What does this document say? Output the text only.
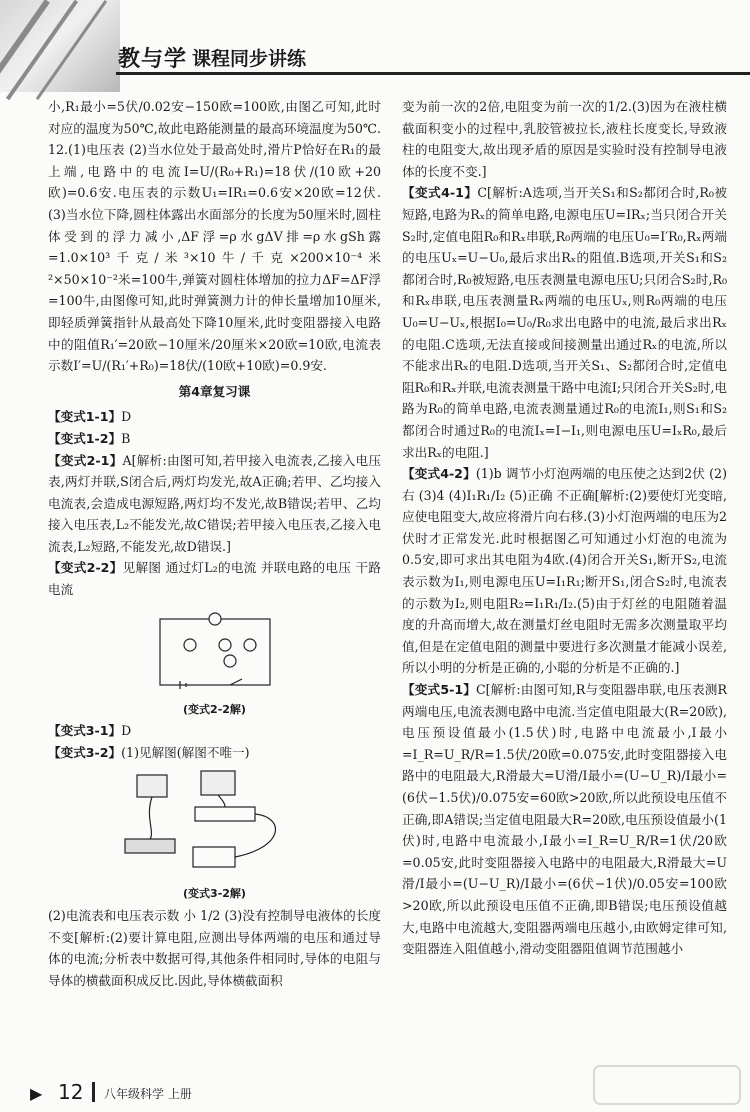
教与学 课程同步讲练

小,R₁最小=5伏/0.02安−150欧=100欧,由图乙可知,此时对应的温度为50℃,故此电路能测量的最高环境温度为50℃. 12.(1)电压表 (2)当水位处于最高处时,滑片P恰好在R₁的最上端,电路中的电流I=U/(R₀+R₁)=18伏/(10欧+20欧)=0.6安.电压表的示数U₁=IR₁=0.6安×20欧=12伏. (3)当水位下降,圆柱体露出水面部分的长度为50厘米时,圆柱体受到的浮力减小,ΔF浮=ρ水gΔV排=ρ水gSh露=1.0×10³千克/米³×10牛/千克×200×10⁻⁴米²×50×10⁻²米=100牛,弹簧对圆柱体增加的拉力ΔF=ΔF浮=100牛,由图像可知,此时弹簧测力计的伸长量增加10厘米,即轻质弹簧指针从最高处下降10厘米,此时变阻器接入电路中的阻值R₁′=20欧−10厘米/20厘米×20欧=10欧,电流表示数I′=U/(R₁′+R₀)=18伏/(10欧+10欧)=0.9安.

第4章复习课

【变式1-1】D

【变式1-2】B

【变式2-1】A[解析:由图可知,若甲接入电流表,乙接入电压表,两灯并联,S闭合后,两灯均发光,故A正确;若甲、乙均接入电流表,会造成电源短路,两灯均不发光,故B错误;若甲、乙均接入电压表,L₂不能发光,故C错误;若甲接入电压表,乙接入电流表,L₂短路,不能发光,故D错误.]

【变式2-2】见解图 通过灯L₂的电流 并联电路的电压 干路电流

(变式2-2解)

【变式3-1】D

【变式3-2】(1)见解图(解图不唯一)

(变式3-2解)

(2)电流表和电压表示数 小 1/2 (3)没有控制导电液体的长度不变[解析:(2)要计算电阻,应测出导体两端的电压和通过导体的电流;分析表中数据可得,其他条件相同时,导体的电阻与导体的横截面积成反比.因此,导体横截面积

变为前一次的2倍,电阻变为前一次的1/2.(3)因为在液柱横截面积变小的过程中,乳胶管被拉长,液柱长度变长,导致液柱的电阻变大,故出现矛盾的原因是实验时没有控制导电液体的长度不变.]

【变式4-1】C[解析:A选项,当开关S₁和S₂都闭合时,R₀被短路,电路为Rₓ的简单电路,电源电压U=IRₓ;当只闭合开关S₂时,定值电阻R₀和Rₓ串联,R₀两端的电压U₀=I′R₀,Rₓ两端的电压Uₓ=U−U₀,最后求出Rₓ的阻值.B选项,开关S₁和S₂都闭合时,R₀被短路,电压表测量电源电压U;只闭合S₂时,R₀和Rₓ串联,电压表测量Rₓ两端的电压Uₓ,则R₀两端的电压U₀=U−Uₓ,根据I₀=U₀/R₀求出电路中的电流,最后求出Rₓ的电阻.C选项,无法直接或间接测量出通过Rₓ的电流,所以不能求出Rₓ的电阻.D选项,当开关S₁、S₂都闭合时,定值电阻R₀和Rₓ并联,电流表测量干路中电流I;只闭合开关S₂时,电路为R₀的简单电路,电流表测量通过R₀的电流I₁,则S₁和S₂都闭合时通过R₀的电流Iₓ=I−I₁,则电源电压U=IₓR₀,最后求出Rₓ的电阻.]

【变式4-2】(1)b 调节小灯泡两端的电压使之达到2伏 (2)右 (3)4 (4)I₁R₁/I₂ (5)正确 不正确[解析:(2)要使灯光变暗,应使电阻变大,故应将滑片向右移.(3)小灯泡两端的电压为2伏时才正常发光.此时根据图乙可知通过小灯泡的电流为0.5安,即可求出其电阻为4欧.(4)闭合开关S₁,断开S₂,电流表示数为I₁,则电源电压U=I₁R₁;断开S₁,闭合S₂时,电流表的示数为I₂,则电阻R₂=I₁R₁/I₂.(5)由于灯丝的电阻随着温度的升高而增大,故在测量灯丝电阻时无需多次测量取平均值,但是在定值电阻的测量中要进行多次测量才能减小误差,所以小明的分析是正确的,小聪的分析是不正确的.]

【变式5-1】C[解析:由图可知,R与变阻器串联,电压表测R两端电压,电流表测电路中电流.当定值电阻最大(R=20欧),电压预设值最小(1.5伏)时,电路中电流最小,I最小=I_R=U_R/R=1.5伏/20欧=0.075安,此时变阻器接入电路中的电阻最大,R滑最大=U滑/I最小=(U−U_R)/I最小=(6伏−1.5伏)/0.075安=60欧>20欧,所以此预设电压值不正确,即A错误;当定值电阻最大R=20欧,电压预设值最小(1伏)时,电路中电流最小,I最小=I_R=U_R/R=1伏/20欧=0.05安,此时变阻器接入电路中的电阻最大,R滑最大=U滑/I最小=(U−U_R)/I最小=(6伏−1伏)/0.05安=100欧>20欧,所以此预设电压值不正确,即B错误;电压预设值越大,电路中电流越大,变阻器两端电压越小,由欧姆定律可知,变阻器连入阻值越小,滑动变阻器阻值调节范围越小

▶ 12 八年级科学 上册
